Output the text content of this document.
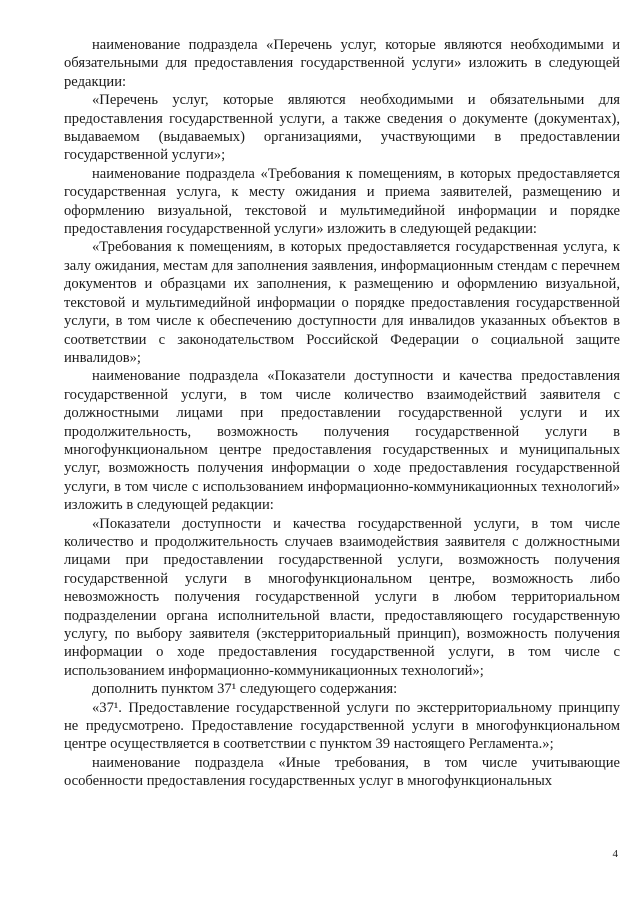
наименование подраздела «Перечень услуг, которые являются необходимыми и обязательными для предоставления государственной услуги» изложить в следующей редакции:

«Перечень услуг, которые являются необходимыми и обязательными для предоставления государственной услуги, а также сведения о документе (документах), выдаваемом (выдаваемых) организациями, участвующими в предоставлении государственной услуги»;

наименование подраздела «Требования к помещениям, в которых предоставляется государственная услуга, к месту ожидания и приема заявителей, размещению и оформлению визуальной, текстовой и мультимедийной информации и порядке предоставления государственной услуги» изложить в следующей редакции:

«Требования к помещениям, в которых предоставляется государственная услуга, к залу ожидания, местам для заполнения заявления, информационным стендам с перечнем документов и образцами их заполнения, к размещению и оформлению визуальной, текстовой и мультимедийной информации о порядке предоставления государственной услуги, в том числе к обеспечению доступности для инвалидов указанных объектов в соответствии с законодательством Российской Федерации о социальной защите инвалидов»;

наименование подраздела «Показатели доступности и качества предоставления государственной услуги, в том числе количество взаимодействий заявителя с должностными лицами при предоставлении государственной услуги и их продолжительность, возможность получения государственной услуги в многофункциональном центре предоставления государственных и муниципальных услуг, возможность получения информации о ходе предоставления государственной услуги, в том числе с использованием информационно-коммуникационных технологий» изложить в следующей редакции:

«Показатели доступности и качества государственной услуги, в том числе количество и продолжительность случаев взаимодействия заявителя с должностными лицами при предоставлении государственной услуги, возможность получения государственной услуги в многофункциональном центре, возможность либо невозможность получения государственной услуги в любом территориальном подразделении органа исполнительной власти, предоставляющего государственную услугу, по выбору заявителя (экстерриториальный принцип), возможность получения информации о ходе предоставления государственной услуги, в том числе с использованием информационно-коммуникационных технологий»;

дополнить пунктом 37¹ следующего содержания:

«37¹. Предоставление государственной услуги по экстерриториальному принципу не предусмотрено. Предоставление государственной услуги в многофункциональном центре осуществляется в соответствии с пунктом 39 настоящего Регламента.»;

наименование подраздела «Иные требования, в том числе учитывающие особенности предоставления государственных услуг в многофункциональных

4
